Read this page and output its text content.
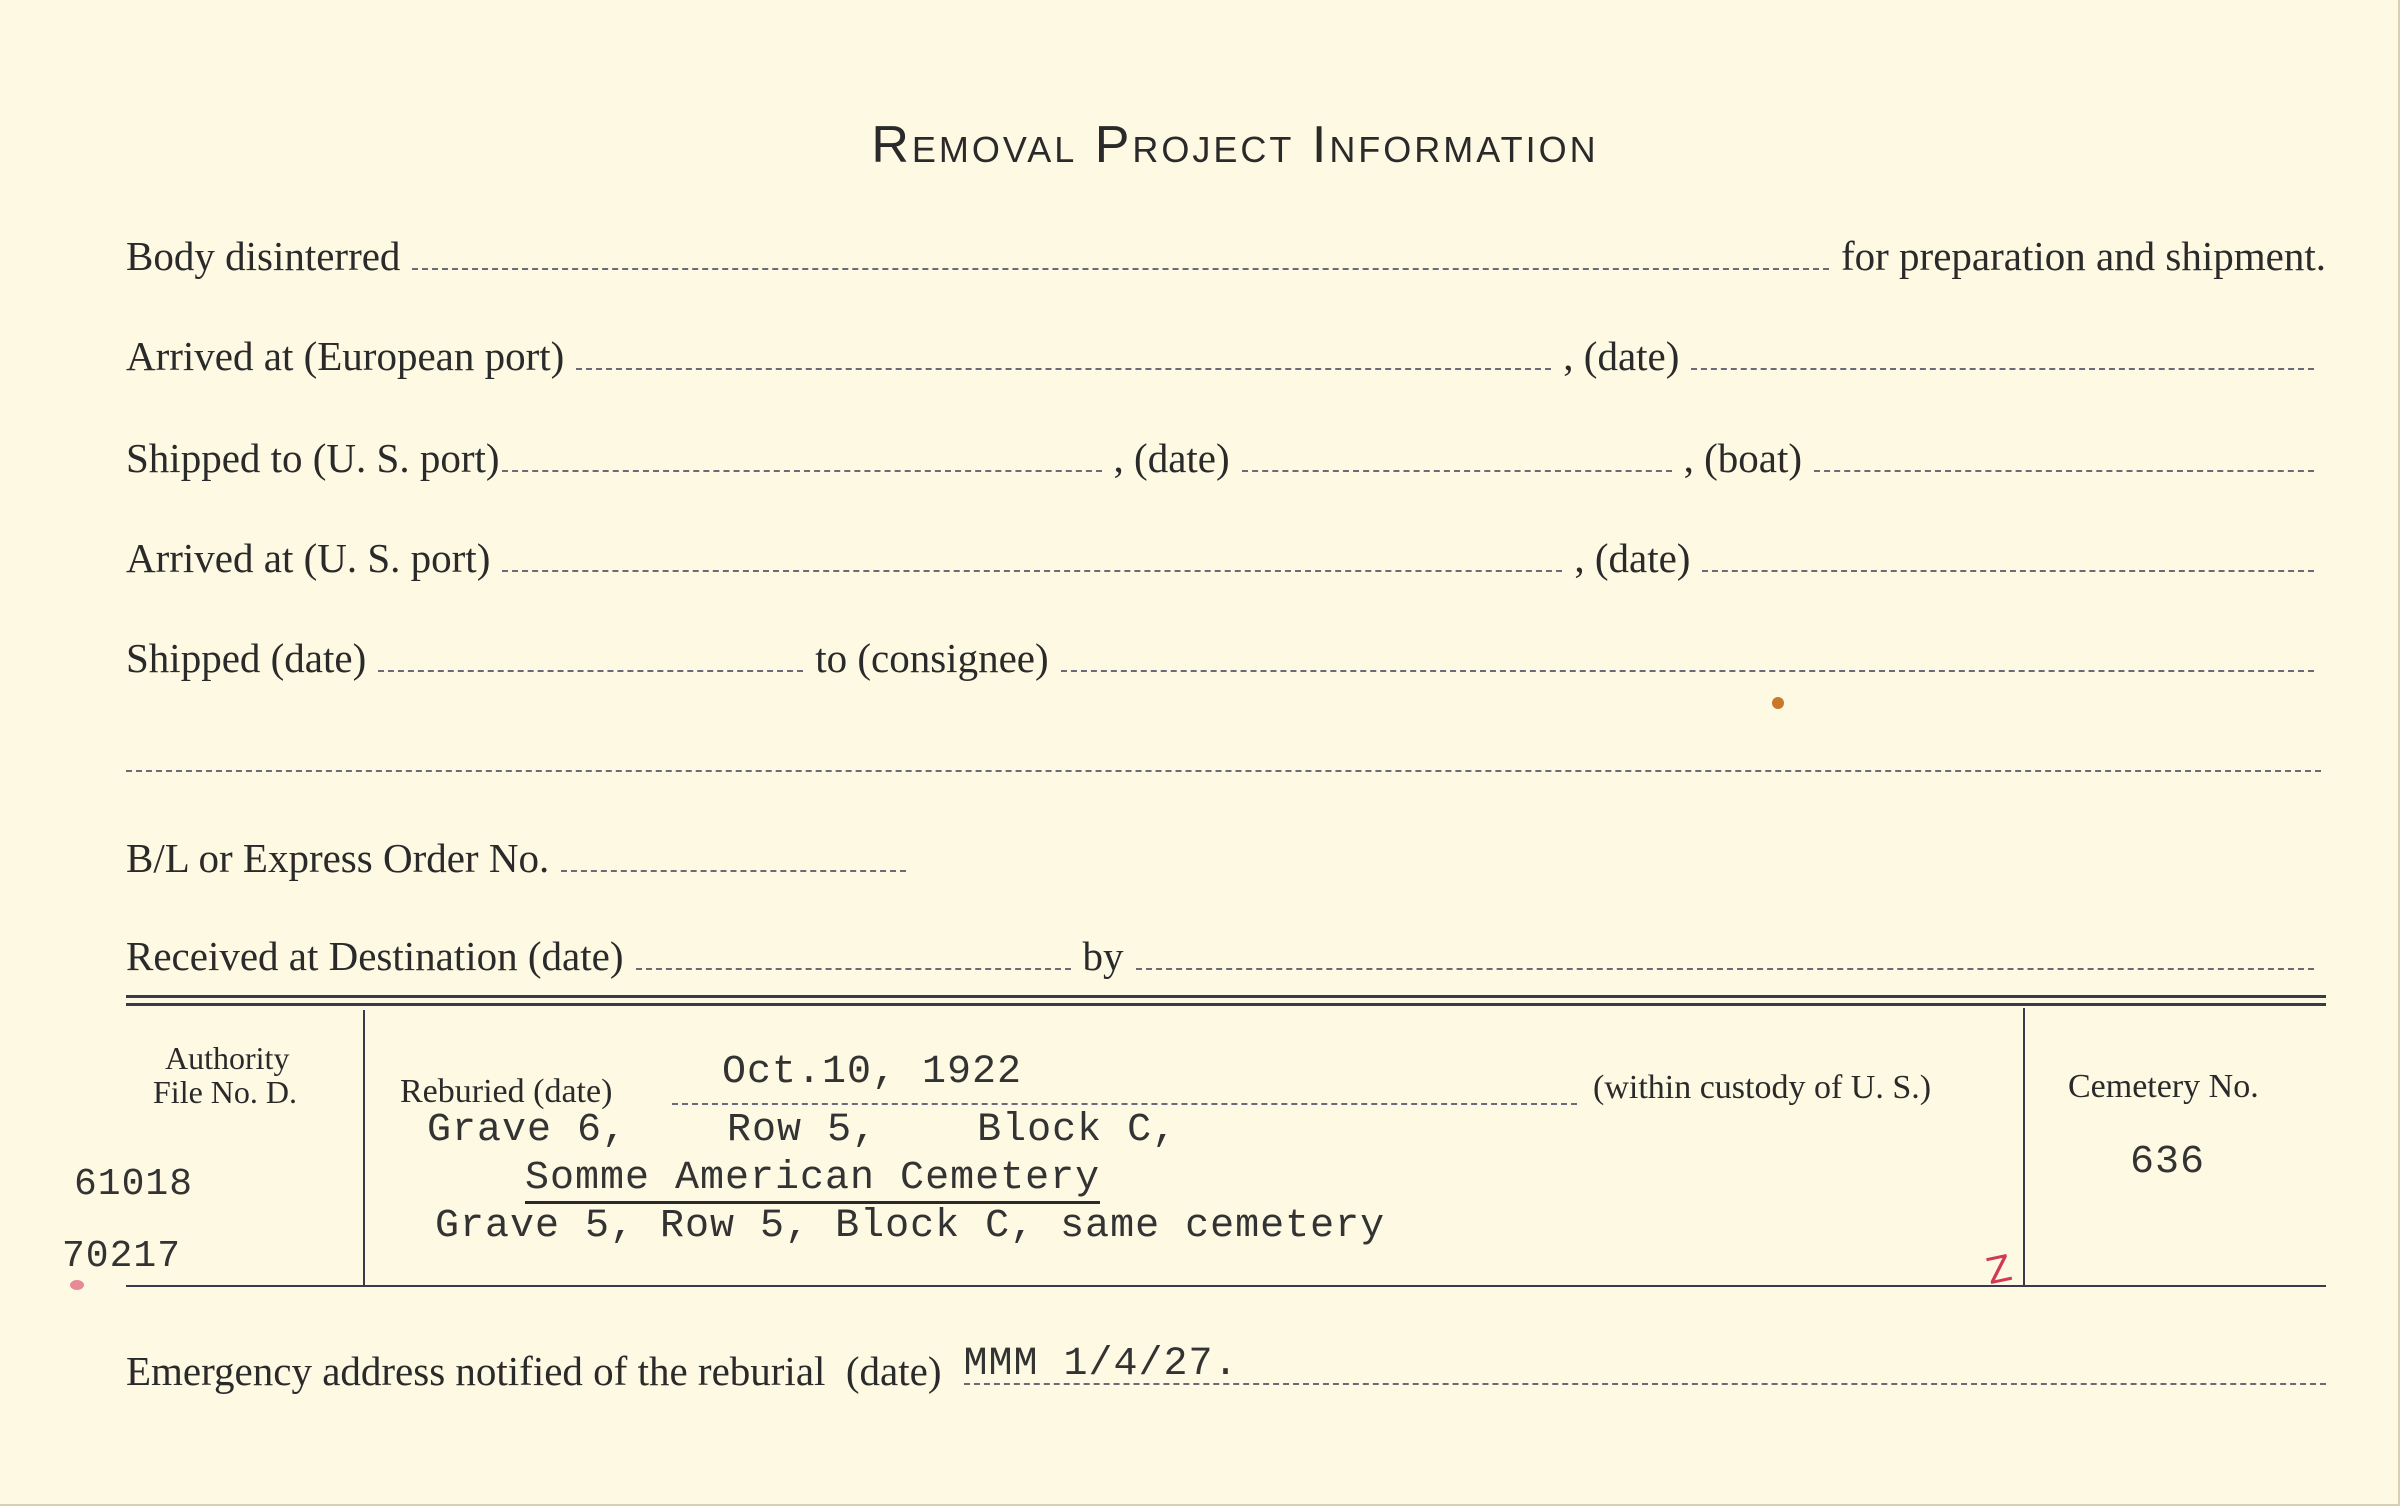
Removal Project Information
Body disinterred	for preparation and shipment.
Arrived at (European port)	, (date)
Shipped to (U. S. port)	, (date)	, (boat)
Arrived at (U. S. port)	, (date)
Shipped (date)	to (consignee)
B/L or Express Order No.
Received at Destination (date)	by
Authority
File No. D.
61018
70217
Reburied (date)	Oct.10, 1922	(within custody of U. S.)
Grave 6,    Row 5,    Block C,
Somme American Cemetery
Grave 5, Row 5, Block C, same cemetery
Z
Cemetery No.
636
Emergency address notified of the reburial  (date) MMM 1/4/27.
